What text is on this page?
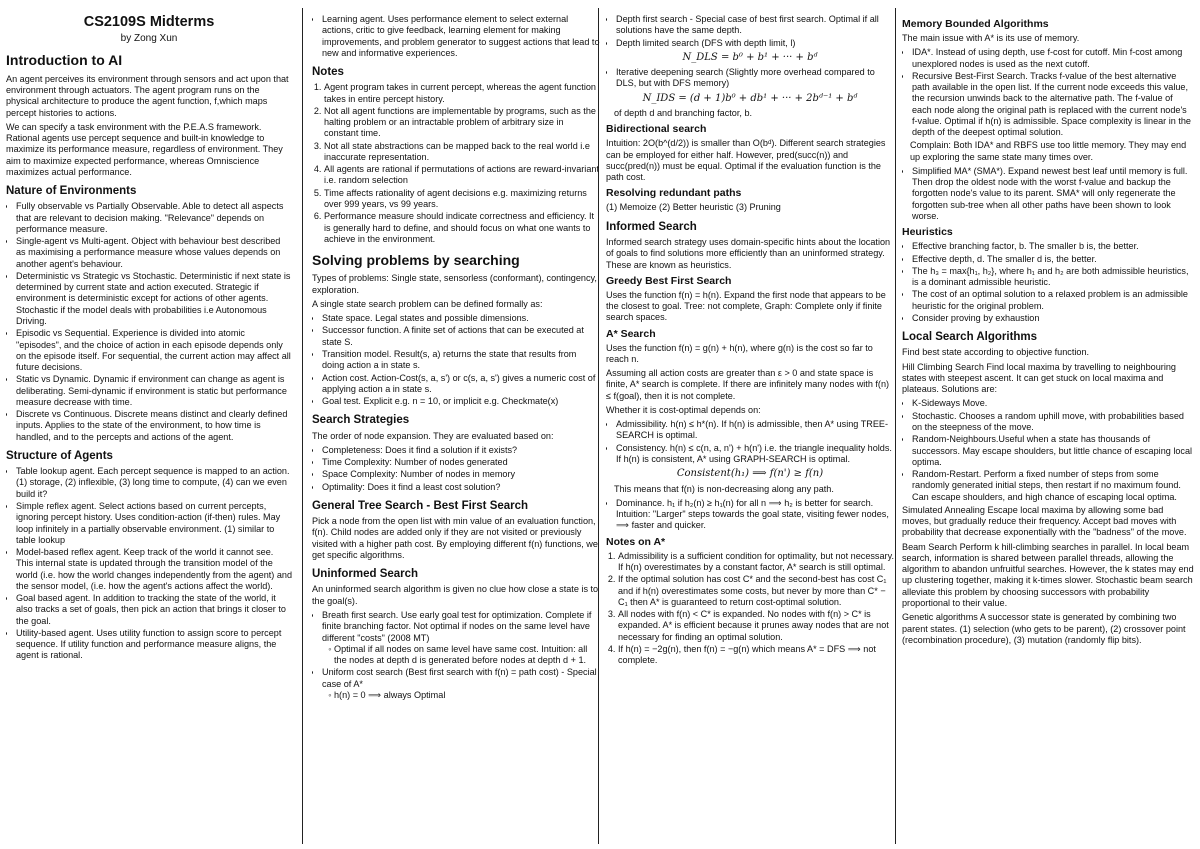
CS2109S Midterms
by Zong Xun
Introduction to AI

An agent perceives its environment through sensors and act upon that environment through actuators. The agent program runs on the physical architecture to produce the agent function, f,which maps percept histories to actions.

We can specify a task environment with the P.E.A.S framework. Rational agents use percept sequence and built-in knowledge to maximize its performance measure, regardless of environment. They aim to maximize expected performance, whereas Omniscience maximizes actual performance.

Nature of Environments
• Fully observable vs Partially Observable. Able to detect all aspects that are relevant to decision making. "Relevance" depends on performance measure.
• Single-agent vs Multi-agent. Object with behaviour best described as maximising a performance measure whose values depends on another agent's behaviour.
• Deterministic vs Strategic vs Stochastic. Deterministic if next state is determined by current state and action executed. Strategic if environment is deterministic except for actions of other agents. Stochastic if the model deals with probabilities i.e Autonomous Driving.
• Episodic vs Sequential. Experience is divided into atomic "episodes", and the choice of action in each episode depends only on the episode itself. For sequential, the current action may affect all future decisions.
• Static vs Dynamic. Dynamic if environment can change as agent is deliberating. Semi-dynamic if environment is static but performance measure decrease with time.
• Discrete vs Continuous. Discrete means distinct and clearly defined inputs. Applies to the state of the environment, to how time is handled, and to the percepts and actions of the agent.
Structure of Agents
• Table lookup agent. Each percept sequence is mapped to an action. (1) storage, (2) inflexible, (3) long time to compute, (4) can we even build it?
• Simple reflex agent. Select actions based on current percepts, ignoring percept history. Uses condition-action (if-then) rules. May loop infinitely in a partially observable environment. (1) similar to table lookup
• Model-based reflex agent. Keep track of the world it cannot see. This internal state is updated through the transition model of the world (i.e. how the world changes independently from the agent) and the sensor model, (i.e. how the agent's actions affect the world).
• Goal based agent. In addition to tracking the state of the world, it also tracks a set of goals, then pick an action that brings it closer to the goal.
• Utility-based agent. Uses utility function to assign score to percept sequence. If utility function and performance measure aligns, the agent is rational.
• Learning agent. Uses performance element to select external actions, critic to give feedback, learning element for making improvements, and problem generator to suggest actions that lead to new and informative experiences.
Notes
1. Agent program takes in current percept, whereas the agent function takes in entire percept history.
2. Not all agent functions are implementable by programs, such as the halting problem or an intractable problem of arbitrary size in constant time.
3. Not all state abstractions can be mapped back to the real world i.e inaccurate representation.
4. All agents are rational if permutations of actions are reward-invariant i.e. random selection
5. Time affects rationality of agent decisions e.g. maximizing returns over 999 years, vs 99 years.
6. Performance measure should indicate correctness and efficiency. It is generally hard to define, and should focus on what one wants to achieve in the environment.
Solving problems by searching

Types of problems: Single state, sensorless (conformant), contingency, exploration.

A single state search problem can be defined formally as:

• State space. Legal states and possible dimensions.
• Successor function. A finite set of actions that can be executed at state S.
• Transition model. Result(s, a) returns the state that results from doing action a in state s.
• Action cost. Action-Cost(s, a, s') or c(s, a, s') gives a numeric cost of applying action a in state s.
• Goal test. Explicit e.g. n = 10, or implicit e.g. Checkmate(x)
Search Strategies

The order of node expansion. They are evaluated based on:

• Completeness: Does it find a solution if it exists?
• Time Complexity: Number of nodes generated
• Space Complexity: Number of nodes in memory
• Optimality: Does it find a least cost solution?
General Tree Search - Best First Search

Pick a node from the open list with min value of an evaluation function, f(n). Child nodes are added only if they are not visited or previously visited with a higher path cost. By employing different f(n) functions, we get specific algorithms.

Uninformed Search

An uninformed search algorithm is given no clue how close a state is to the goal(s).

• Breath first search. Use early goal test for optimization. Complete if finite branching factor. Not optimal if nodes on the same level have different "costs" (2008 MT)
◦ Optimal if all nodes on same level have same cost. Intuition: all the nodes at depth d is generated before nodes at depth d + 1.
• Uniform cost search (Best first search with f(n) = path cost) - Special case of A*
◦ h(n) = 0 ⟹ always Optimal
• Depth first search - Special case of best first search. Optimal if all solutions have the same depth.
• Depth limited search (DFS with depth limit, l)
N_DLS = b⁰ + b¹ + ··· + bᵈ
• Iterative deepening search (Slightly more overhead compared to DLS, but with DFS memory)
N_IDS = (d + 1)b⁰ + db¹ + ··· + 2bᵈ⁻¹ + bᵈ

of depth d and branching factor, b.

Bidirectional search

Intuition: 2O(b^(d/2)) is smaller than O(bᵈ). Different search strategies can be employed for either half. However, pred(succ(n)) and succ(pred(n)) must be equal. Optimal if the evaluation function is the path cost.

Resolving redundant paths

(1) Memoize (2) Better heuristic (3) Pruning

Informed Search

Informed search strategy uses domain-specific hints about the location of goals to find solutions more efficiently than an uninformed strategy. These are known as heuristics.

Greedy Best First Search

Uses the function f(n) = h(n). Expand the first node that appears to be the closest to goal. Tree: not complete, Graph: Complete only if finite search spaces.

A* Search

Uses the function f(n) = g(n) + h(n), where g(n) is the cost so far to reach n.

Assuming all action costs are greater than ε > 0 and state space is finite, A* search is complete. If there are infinitely many nodes with f(n) ≤ f(goal), then it is not complete.

Whether it is cost-optimal depends on:

• Admissibility. h(n) ≤ h*(n). If h(n) is admissible, then A* using TREE-SEARCH is optimal.
• Consistency. h(n) ≤ c(n, a, n') + h(n') i.e. the triangle inequality holds. If h(n) is consistent, A* using GRAPH-SEARCH is optimal.
Consistent(h₁) ⟹ f(n') ≥ f(n)

This means that f(n) is non-decreasing along any path.

• Dominance. h₁ if h₂(n) ≥ h₁(n) for all n ⟹ h₂ is better for search. Intuition: "Larger" steps towards the goal state, visiting fewer nodes, ⟹ faster and quicker.
Notes on A*
1. Admissibility is a sufficient condition for optimality, but not necessary. If h(n) overestimates by a constant factor, A* search is still optimal.
2. If the optimal solution has cost C* and the second-best has cost C₁ and if h(n) overestimates some costs, but never by more than C* − C₁ then A* is guaranteed to return cost-optimal solution.
3. All nodes with f(n) < C* is expanded. No nodes with f(n) > C* is expanded. A* is efficient because it prunes away nodes that are not necessary for finding an optimal solution.
4. If h(n) = −2g(n), then f(n) = −g(n) which means A* = DFS ⟹ not complete.
Memory Bounded Algorithms

The main issue with A* is its use of memory.

• IDA*. Instead of using depth, use f-cost for cutoff. Min f-cost among unexplored nodes is used as the next cutoff.
• Recursive Best-First Search. Tracks f-value of the best alternative path available in the open list. If the current node exceeds this value, the recursion unwinds back to the alternative path. The f-value of each node along the original path is replaced with the current node's f-value. Optimal if h(n) is admissible. Space complexity is linear in the depth of the deepest optimal solution.

Complain: Both IDA* and RBFS use too little memory. They may end up exploring the same state many times over.

• Simplified MA* (SMA*). Expand newest best leaf until memory is full. Then drop the oldest node with the worst f-value and backup the forgotten node's value to its parent. SMA* will only regenerate the forgotten sub-tree when all other paths have been shown to look worse.
Heuristics
• Effective branching factor, b. The smaller b is, the better.
• Effective depth, d. The smaller d is, the better.
• The h₃ = max{h₁, h₂}, where h₁ and h₂ are both admissible heuristics, is a dominant admissible heuristic.
• The cost of an optimal solution to a relaxed problem is an admissible heuristic for the original problem.
• Consider proving by exhaustion
Local Search Algorithms

Find best state according to objective function.

Hill Climbing Search Find local maxima by travelling to neighbouring states with steepest ascent. It can get stuck on local maxima and plateaus. Solutions are:

• K-Sideways Move.
• Stochastic. Chooses a random uphill move, with probabilities based on the steepness of the move.
• Random-Neighbours.Useful when a state has thousands of successors. May escape shoulders, but little chance of escaping local optima.
• Random-Restart. Perform a fixed number of steps from some randomly generated initial steps, then restart if no maximum found. Can escape shoulders, and high chance of escaping local optima.

Simulated Annealing Escape local maxima by allowing some bad moves, but gradually reduce their frequency. Accept bad moves with probability that decrease exponentially with the "badness" of the move.

Beam Search Perform k hill-climbing searches in parallel. In local beam search, information is shared between parallel threads, allowing the algorithm to abandon unfruitful searches. However, the k states may end up clustering together, making it k-times slower. Stochastic beam search alleviate this problem by choosing successors with probability proportional to their value.

Genetic algorithms A successor state is generated by combining two parent states. (1) selection (who gets to be parent), (2) crossover point (recombination procedure), (3) mutation (randomly flip bits).
